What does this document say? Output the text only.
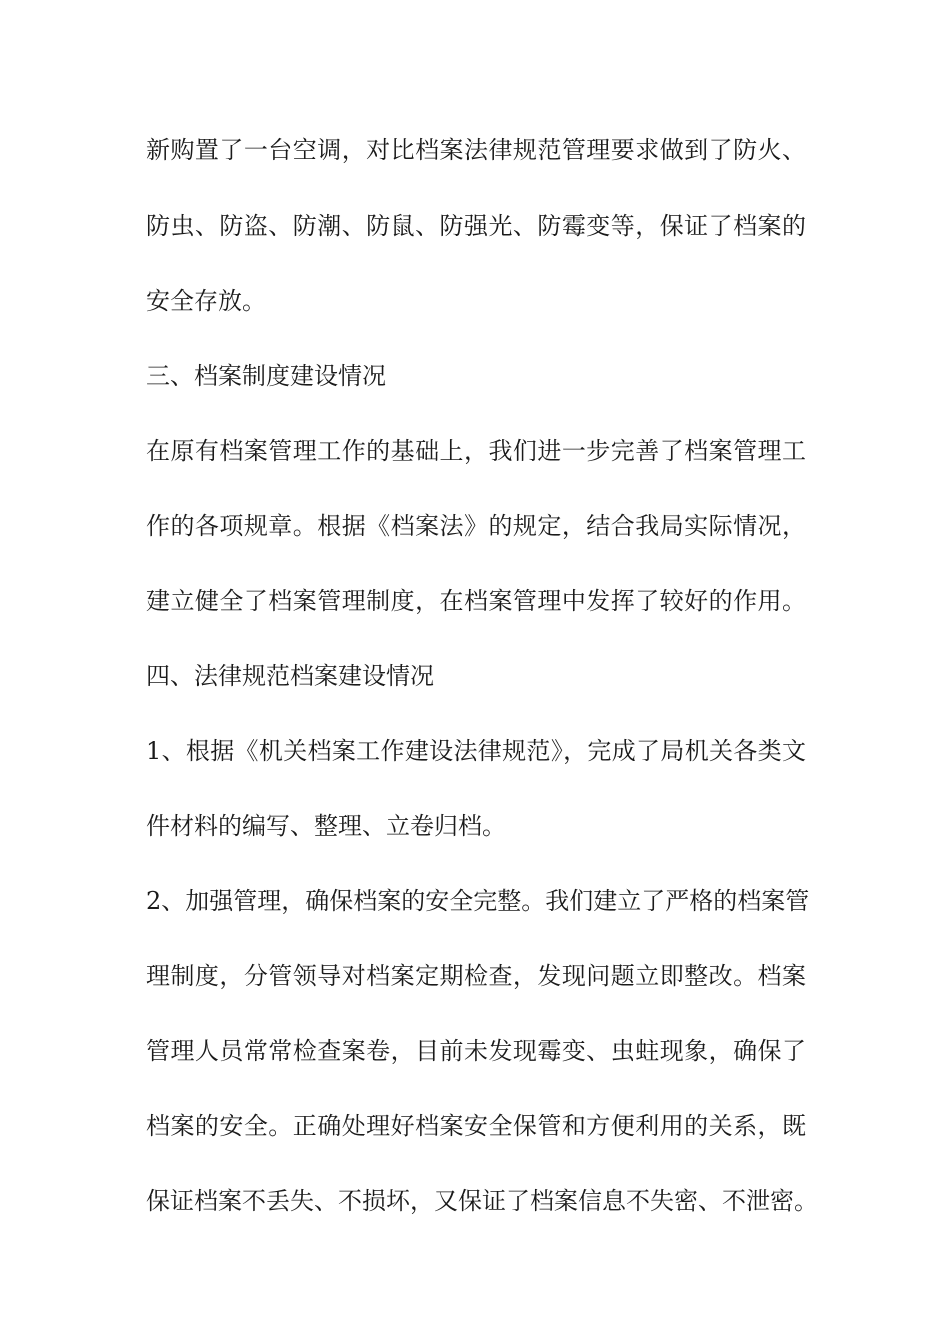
新购置了一台空调，对比档案法律规范管理要求做到了防火、
防虫、防盗、防潮、防鼠、防强光、防霉变等，保证了档案的
安全存放。
三、档案制度建设情况
在原有档案管理工作的基础上，我们进一步完善了档案管理工
作的各项规章。根据《档案法》的规定，结合我局实际情况，
建立健全了档案管理制度，在档案管理中发挥了较好的作用。
四、法律规范档案建设情况
1、根据《机关档案工作建设法律规范》，完成了局机关各类文
件材料的编写、整理、立卷归档。
2、加强管理，确保档案的安全完整。我们建立了严格的档案管
理制度，分管领导对档案定期检查，发现问题立即整改。档案
管理人员常常检查案卷，目前未发现霉变、虫蛀现象，确保了
档案的安全。正确处理好档案安全保管和方便利用的关系，既
保证档案不丢失、不损坏，又保证了档案信息不失密、不泄密。
